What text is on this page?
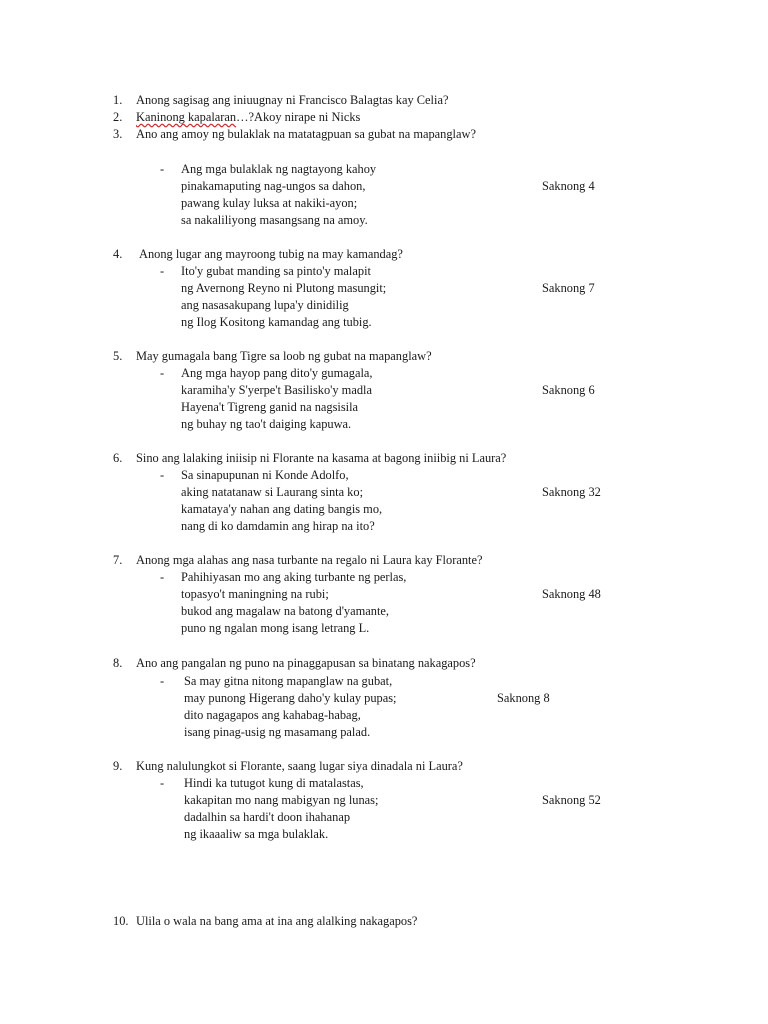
1. Anong sagisag ang iniuugnay ni Francisco Balagtas kay Celia?
2. Kaninong kapalaran…?Akoy nirape ni Nicks
3. Ano ang amoy ng bulaklak na matatagpuan sa gubat na mapanglaw?
- Ang mga bulaklak ng nagtayong kahoy
pinakamaputing nag-ungos sa dahon,
pawang kulay luksa at nakiki-ayon;
sa nakaliliyong masangsang na amoy.
Saknong 4
4. Anong lugar ang mayroong tubig na may kamandag?
- Ito'y gubat manding sa pinto'y malapit
ng Avernong Reyno ni Plutong masungit;
ang nasasakupang lupa'y dinidilig
ng Ilog Kositong kamandag ang tubig.
Saknong 7
5. May gumagala bang Tigre sa loob ng gubat na mapanglaw?
- Ang mga hayop pang dito'y gumagala,
karamiha'y S'yerpe't Basilisko'y madla
Hayena't Tigreng ganid na nagsisila
ng buhay ng tao't daiging kapuwa.
Saknong 6
6. Sino ang lalaking iniisip ni Florante na kasama at bagong iniibig ni Laura?
- Sa sinapupunan ni Konde Adolfo,
aking natatanaw si Laurang sinta ko;
kamataya'y nahan ang dating bangis mo,
nang di ko damdamin ang hirap na ito?
Saknong 32
7. Anong mga alahas ang nasa turbante na regalo ni Laura kay Florante?
- Pahihiyasan mo ang aking turbante ng perlas,
topasyo't maningning na rubi;
bukod ang magalaw na batong d'yamante,
puno ng ngalan mong isang letrang L.
Saknong 48
8. Ano ang pangalan ng puno na pinaggapusan sa binatang nakagapos?
- Sa may gitna nitong mapanglaw na gubat,
may punong Higerang daho'y kulay pupas;
dito nagagapos ang kahabag-habag,
isang pinag-usig ng masamang palad.
Saknong 8
9. Kung nalulungkot si Florante, saang lugar siya dinadala ni Laura?
- Hindi ka tutugot kung di matalastas,
kakapitan mo nang mabigyan ng lunas;
dadalhin sa hardi't doon ihahanap
ng ikaaaliw sa mga bulaklak.
Saknong 52
10. Ulila o wala na bang ama at ina ang alalking nakagapos?
